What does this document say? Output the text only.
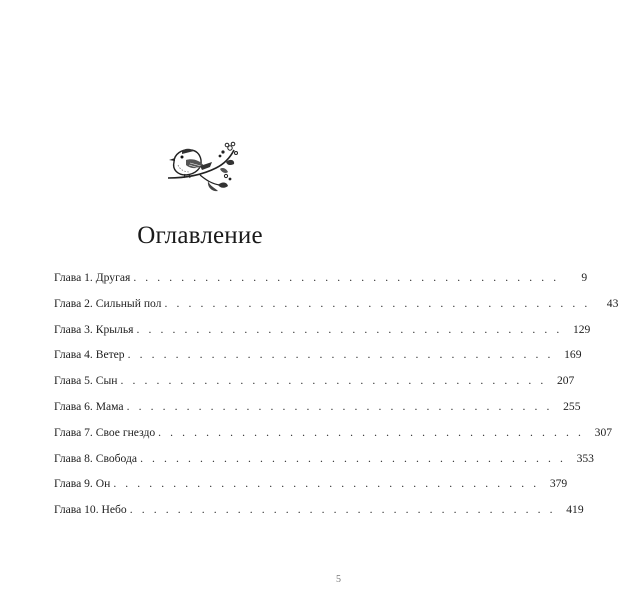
Оглавление
Глава 1. Другая . . . . . . . . . . . . . . . . . . . . . . . . . . . . . . . . . . . .	9
Глава 2. Сильный пол . . . . . . . . . . . . . . . . . . . . . . . . . . . . . . . . . . . .	43
Глава 3. Крылья . . . . . . . . . . . . . . . . . . . . . . . . . . . . . . . . . . . . 129
Глава 4. Ветер . . . . . . . . . . . . . . . . . . . . . . . . . . . . . . . . . . . . 169
Глава 5. Сын . . . . . . . . . . . . . . . . . . . . . . . . . . . . . . . . . . . . 207
Глава 6. Мама . . . . . . . . . . . . . . . . . . . . . . . . . . . . . . . . . . . . 255
Глава 7. Свое гнездо . . . . . . . . . . . . . . . . . . . . . . . . . . . . . . . . . . . . 307
Глава 8. Свобода . . . . . . . . . . . . . . . . . . . . . . . . . . . . . . . . . . . . 353
Глава 9. Он . . . . . . . . . . . . . . . . . . . . . . . . . . . . . . . . . . . . 379
Глава 10. Небо . . . . . . . . . . . . . . . . . . . . . . . . . . . . . . . . . . . . 419
5
